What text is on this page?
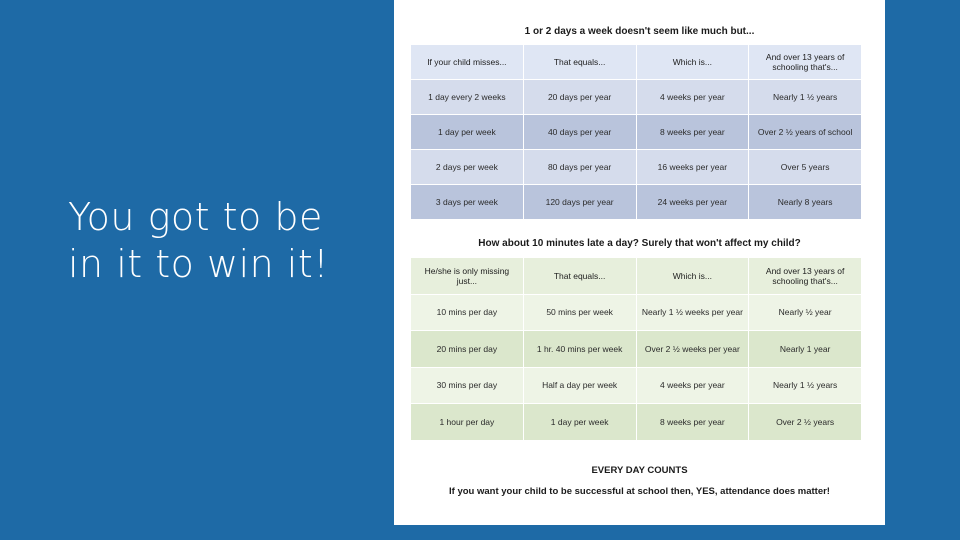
You got to be
in it to win it!
1 or 2 days a week doesn't seem like much but...
If your child misses...	That equals...	Which is...	And over 13 years of schooling that's...
1 day every 2 weeks	20 days per year	4 weeks per year	Nearly 1 ½ years
1 day per week	40 days per year	8 weeks per year	Over 2 ½ years of school
2 days per week	80 days per year	16 weeks per year	Over 5 years
3 days per week	120 days per year	24 weeks per year	Nearly 8 years
How about 10 minutes late a day? Surely that won't affect my child?
He/she is only missing just...	That equals...	Which is...	And over 13 years of schooling that's...
10 mins per day	50 mins per week	Nearly 1 ½ weeks per year	Nearly ½ year
20 mins per day	1 hr. 40 mins per week	Over 2 ½ weeks per year	Nearly 1 year
30 mins per day	Half a day per week	4 weeks per year	Nearly 1 ½ years
1 hour per day	1 day per week	8 weeks per year	Over 2 ½ years
EVERY DAY COUNTS
If you want your child to be successful at school then, YES, attendance does matter!
